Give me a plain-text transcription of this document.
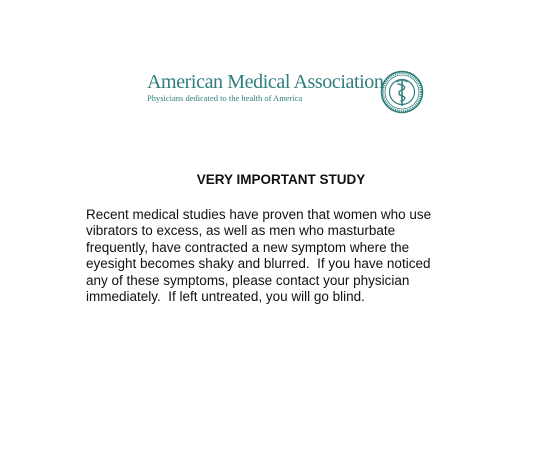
American Medical Association
Physicians dedicated to the health of America
VERY IMPORTANT STUDY
Recent medical studies have proven that women who use
vibrators to excess, as well as men who masturbate
frequently, have contracted a new symptom where the
eyesight becomes shaky and blurred.  If you have noticed
any of these symptoms, please contact your physician
immediately.  If left untreated, you will go blind.
